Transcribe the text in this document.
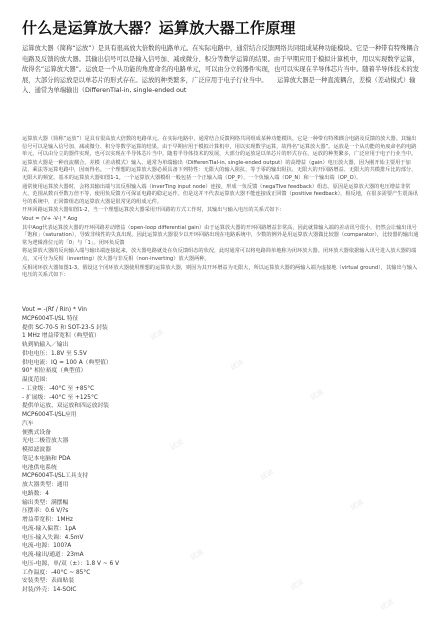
什么是运算放大器？运算放大器工作原理

运算放大器（简称“运放”）是具有很高放大倍数的电路单元。在实际电路中，通常结合反馈网络共同组成某种功能模块。它是一种带有特殊耦合电路及反馈的放大器。其输出信号可以是输入信号加、减或微分、积分等数学运算的结果。由于早期应用于模拟计算机中，用以实现数学运算，故得名“运算放大器”。运放是一个从功能的角度命名的电路单元，可以由分立的器件实现，也可以实现在半导体芯片当中。随着半导体技术的发展，大部分的运放是以单芯片的形式存在。运放的种类繁多，广泛应用于电子行业当中。　　运算放大器是一种直流耦合，差模（差动模式）输入、通常为单端输出（DifferenTIal-in, single-ended out

运算放大器（简称“运放”）是具有很高放大倍数的电路单元。在实际电路中，通常结合反馈网络共同组成某种功能模块。它是一种带有特殊耦合电路及反馈的放大器。其输出信号可以是输入信号加、减或微分、积分等数学运算的结果。由于早期应用于模拟计算机中，用以实现数学运算，故得名“运算放大器”。运放是一个从功能的角度命名的电路单元，可以由分立的器件实现，也可以实现在半导体芯片当中。随着半导体技术的发展，大部分的运放是以单芯片的形式存在。运放的种类繁多，广泛应用于电子行业当中。

运算放大器是一种直流耦合，差模（差动模式）输入、通常为单端输出（DifferenTIal-in, single-ended output）的高增益（gain）电压放大器，因为刚开始主要用于加法，乘法等运算电路中，因而得名。一个理想的运算放大器必须具备下列特性：无限大的输入阻抗、等于零的输出阻抗、无限大的开回路增益、无限大的共模排斥比的部分、无限大的频宽。基本的运算放大器如图1-1。一个运算放大器模组一般包括一个正输入端（OP_P）、一个负输入端（OP_N）和一个输出端（OP_O）。

通常使用运算放大器时，会将其输出端与其反相输入端（inverTing input node）连接，形成一负反馈（negaTIve feedback）组态。原因是运算放大器的电压增益非常大，范围从数百至数万倍不等，使用负反馈方可保证电路的稳定运作。但是这并不代表运算放大器不能连接成正回馈（positive feedback），相反地，在很多需要产生震荡讯号的系统中，正回馈组态的运算放大器是很常见的组成元件。

开环回路运算放大器如图1-2，当一个理想运算放大器采用开回路的方式工作时，其输出与输入电压的关系式如下：

Vout = (V+ -V-) * Aog

其中Aog代表运算放大器的开环回路差动增益（open-loop differential gain）由于运算放大器的开环回路增益非常高，因此就算输入端的差动讯号很小，仍然会让输出讯号「饱和」（saturation），导致非线性的失真出现。因此运算放大器很少以开环回路出现在电路系统中，少数的例外是用运算放大器做比较器（comparator），比较器的输出通常为逻辑准位元的「0」与「1」。闭环负反馈

将运算放大器的反向输入端与输出端连接起来，放大器电路就处在负反馈组态的状况，此时通常可以将电路简单地称为闭环放大器。闭环放大器依据输入讯号进入放大器的端点，又可分为反相（inverting）放大器与非反相（non-inverting）放大器两种。

反相闭环放大器如图1-3。假设这个闭环放大器使用理想的运算放大器，则因为其开环增益为无限大，所以运算放大器的两输入端为虚接地（virtual ground），其输出与输入电压的关系式如下：

Vout = -(Rf / Rin) * Vin
MCP6004T-I/SL 特征
提供 SC-70-5 和 SOT-23-5 封装
1 MHz 增益带宽积（典型值）
轨到轨输入／输出
供电电压：1.8V 至 5.5V
供电电流：IQ = 100 A（典型值）
90° 相位裕度（典型值）
温度范围：
- 工业级：-40°C 至 +85°C
- 扩展级：-40°C 至 +125°C
提供单运放、双运放和四运放封装
MCP6004T-I/SL应用
汽车
便携式设备
光电二极管放大器
模拟滤波器
笔记本电脑和 PDA
电池供电系统
MCP6004T-I/SL工具支持
放大器类型：通用
电路数：4
输出类型：满摆幅
压摆率：0.6 V/?s
增益带宽积：1MHz
电流-输入偏置：1pA
电压-输入失调：4.5mV
电流-电源：100?A
电流-输出/通道：23mA
电压-电源，单/双（±）：1.8 V ~ 6 V
工作温度：-40°C ~ 85°C
安装类型：表面贴装
封装/外壳：14-SOIC
试读
试读
试读
试读
试读
试读
试读
试读
试读
